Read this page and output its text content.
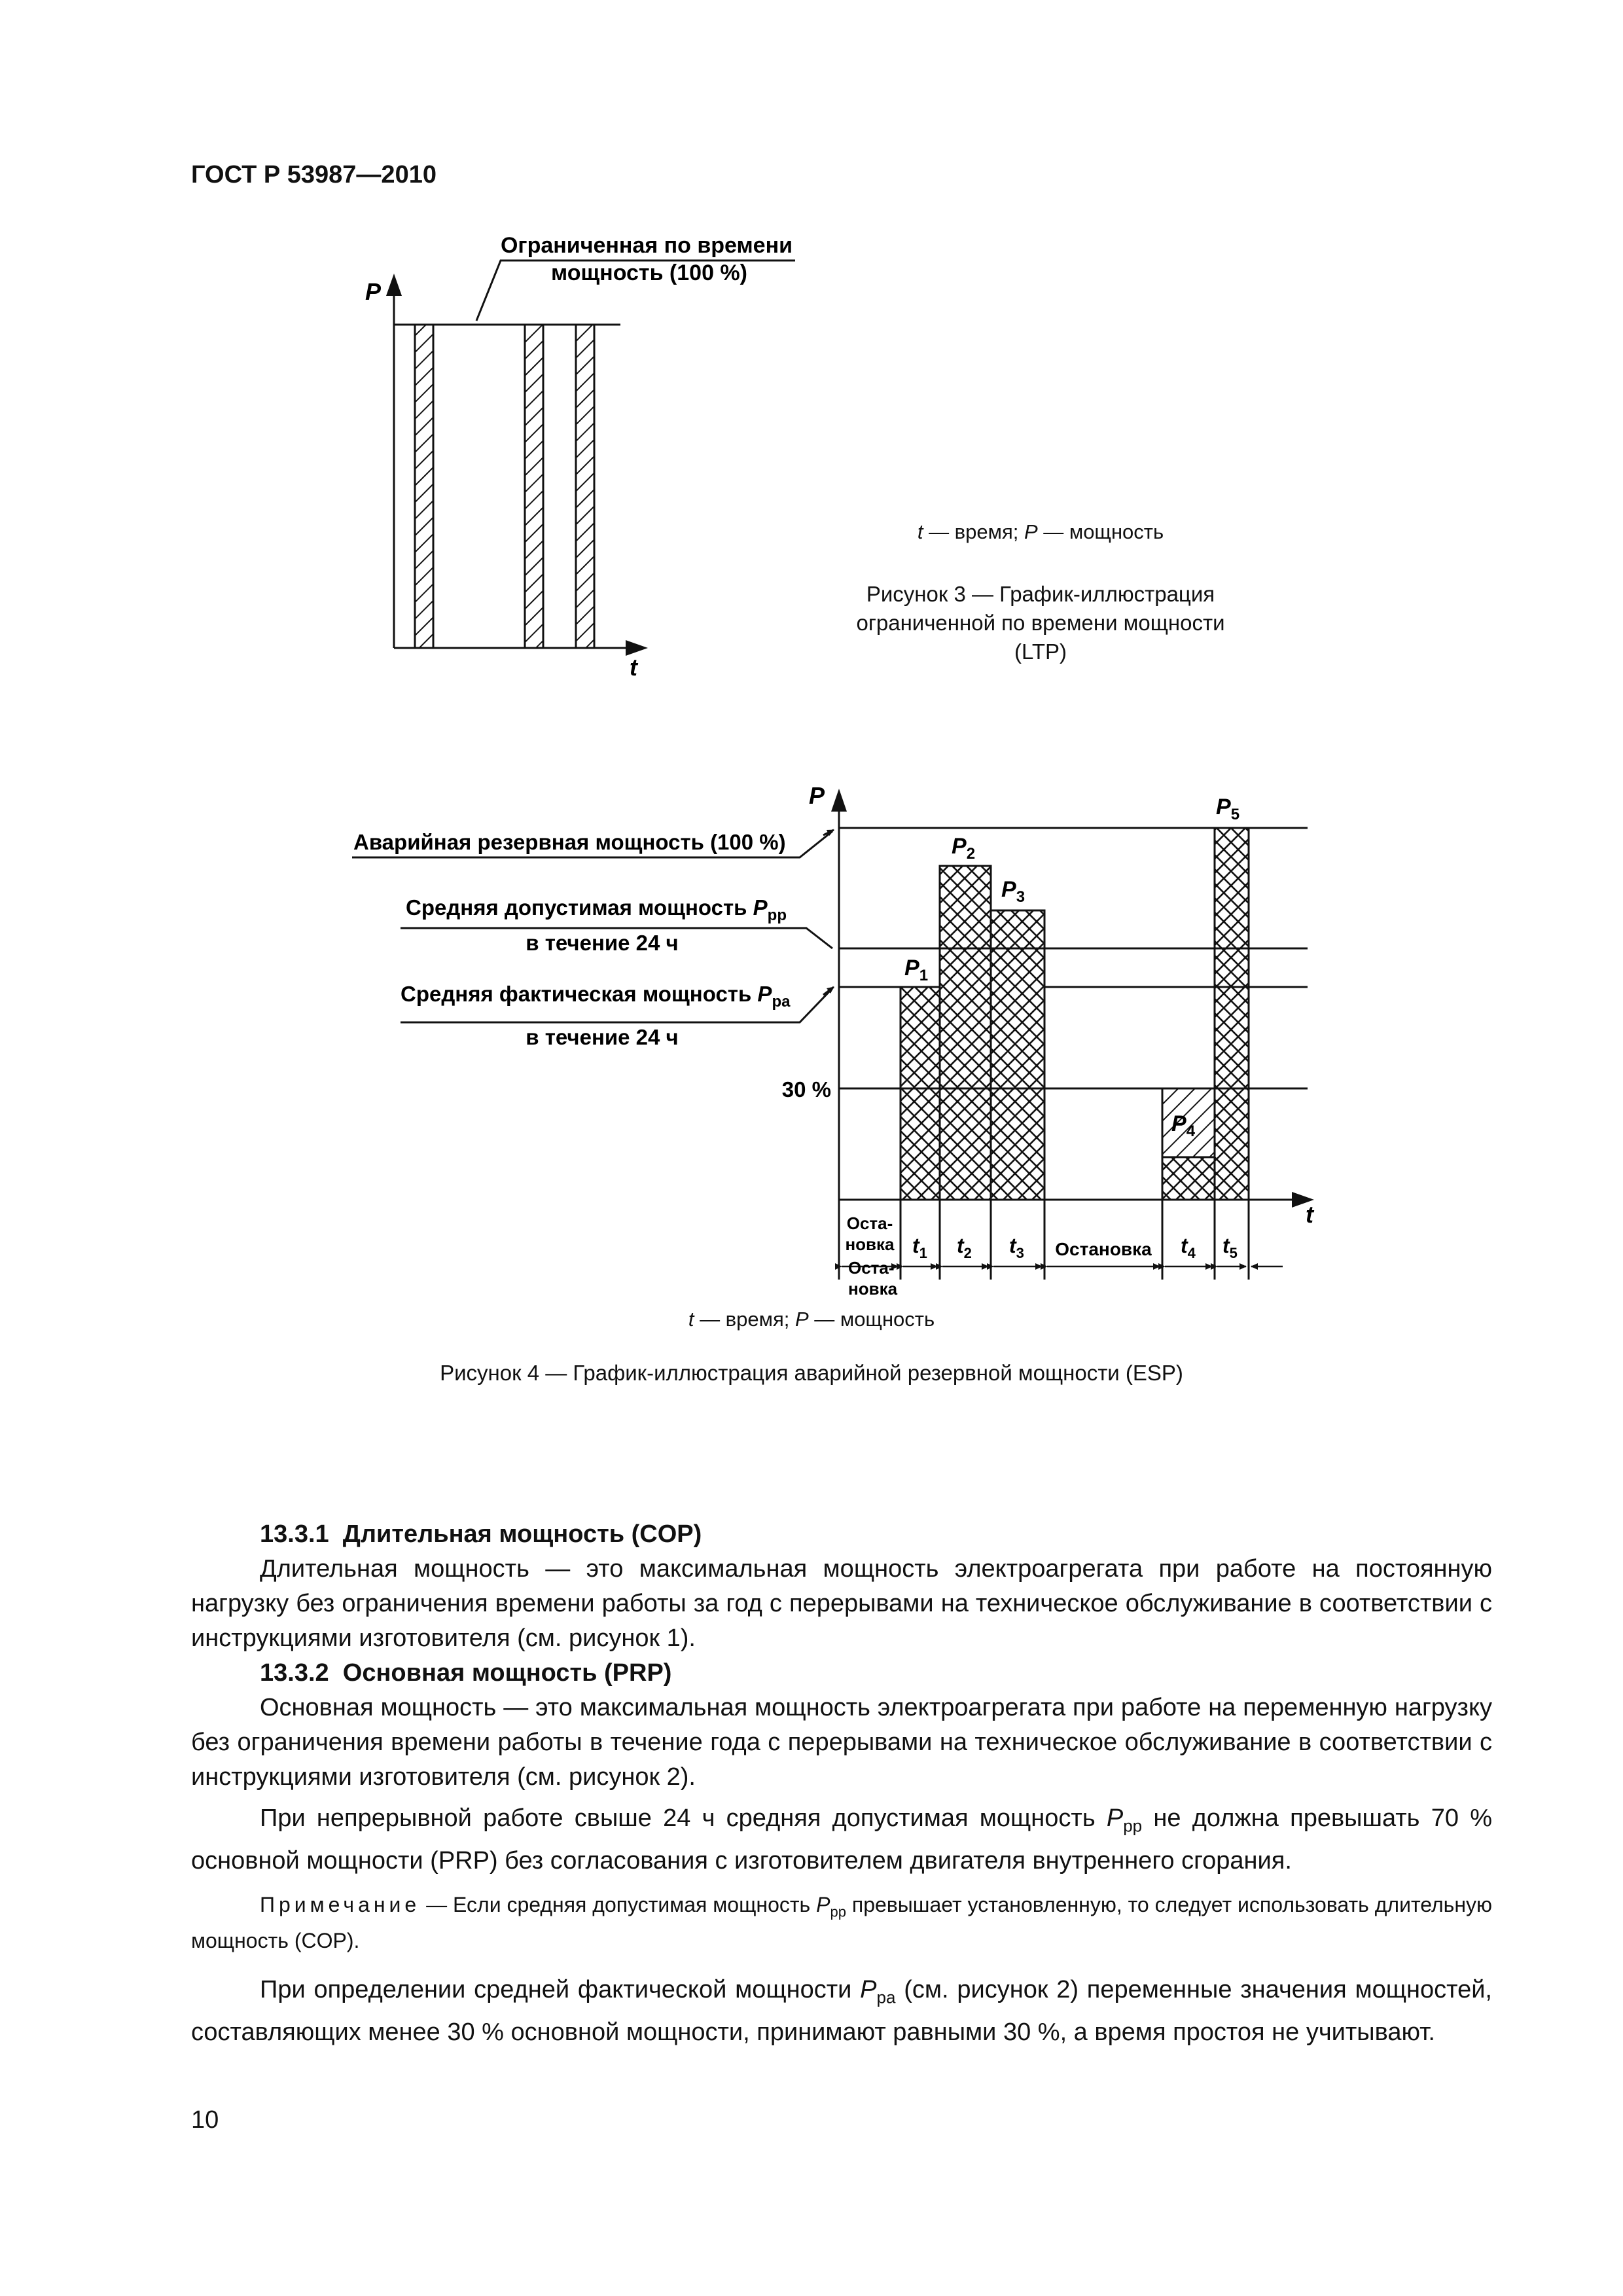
ГОСТ Р 53987—2010
P
t
Ограниченная по времени
мощность (100 %)
P
t
Аварийная резервная мощность (100 %)
Средняя допустимая мощность $P_{pp}$
в течение 24 ч
Средняя фактическая мощность $P_{pa}$
в течение 24 ч
30 %
$P_1$
$P_2$
$P_3$
$P_4$
$P_5$
Оста-
новка
Оста-
новка
Остановка
$t_1$ $t_2$ $t_3$	$t_4$ $t_5$
t — время; P — мощность
Рисунок 3 — График-иллюстрация
ограниченной по времени мощности
(LTP)
t — время; P — мощность
Рисунок 4 — График-иллюстрация аварийной резервной мощности (ESP)

13.3.1 Длительная мощность (COP)

Длительная мощность — это максимальная мощность электроагрегата при работе на постоянную нагрузку без ограничения времени работы за год с перерывами на техническое обслуживание в соответствии с инструкциями изготовителя (см. рисунок 1).

13.3.2 Основная мощность (PRP)

Основная мощность — это максимальная мощность электроагрегата при работе на переменную нагрузку без ограничения времени работы в течение года с перерывами на техническое обслуживание в соответствии с инструкциями изготовителя (см. рисунок 2).

При непрерывной работе свыше 24 ч средняя допустимая мощность $P_{pp}$ не должна превышать 70 % основной мощности (PRP) без согласования с изготовителем двигателя внутреннего сгорания.

Примечание — Если средняя допустимая мощность $P_{pp}$ превышает установленную, то следует использовать длительную мощность (COP).

При определении средней фактической мощности $P_{pa}$ (см. рисунок 2) переменные значения мощностей, составляющих менее 30 % основной мощности, принимают равными 30 %, а время простоя не учитывают.

10
